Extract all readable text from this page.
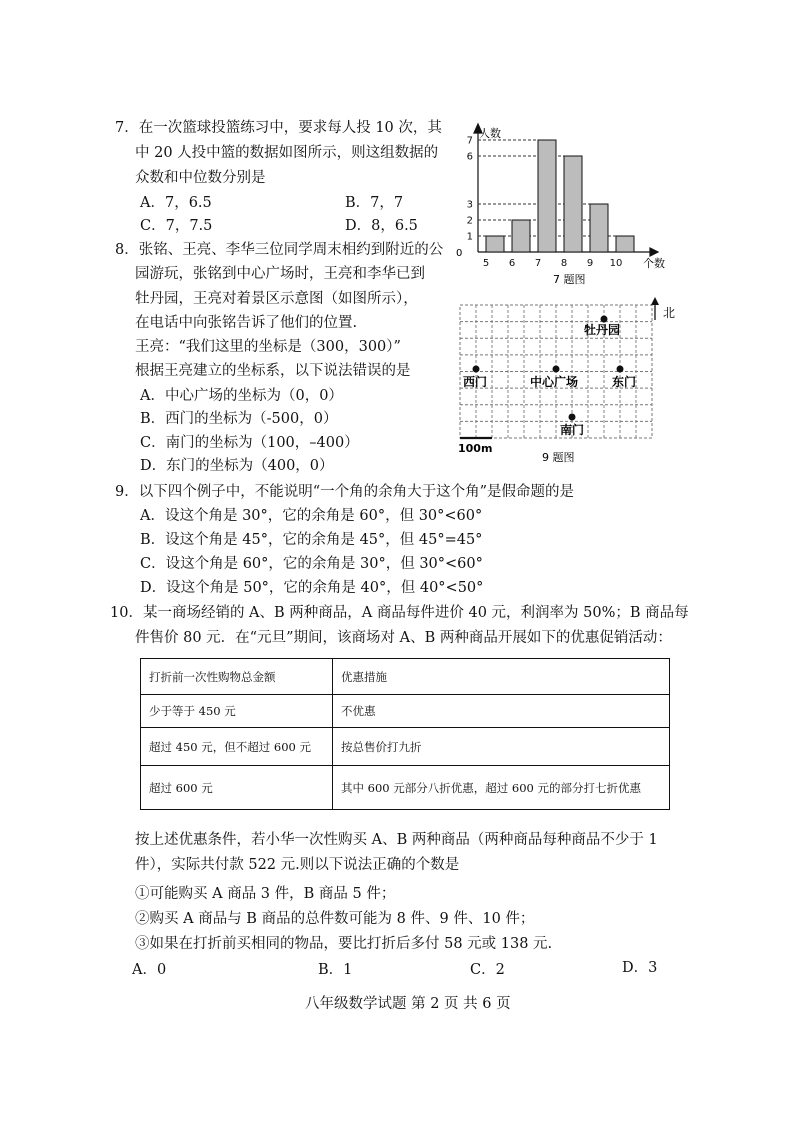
7．在一次篮球投篮练习中，要求每人投 10 次，其
中 20 人投中篮的数据如图所示，则这组数据的
众数和中位数分别是
A．7，6.5	B．7，7
C．7，7.5	D．8，6.5
8．张铭、王亮、李华三位同学周末相约到附近的公
园游玩，张铭到中心广场时，王亮和李华已到
牡丹园，王亮对着景区示意图（如图所示），
在电话中向张铭告诉了他们的位置.
王亮：“我们这里的坐标是（300，300）”
根据王亮建立的坐标系，以下说法错误的是
A．中心广场的坐标为（0，0）
B．西门的坐标为（-500，0）
C．南门的坐标为（100，–400）
D．东门的坐标为（400，0）
9．以下四个例子中，不能说明“一个角的余角大于这个角”是假命题的是
A．设这个角是 30°，它的余角是 60°，但 30°<60°
B．设这个角是 45°，它的余角是 45°，但 45°=45°
C．设这个角是 60°，它的余角是 30°，但 30°<60°
D．设这个角是 50°，它的余角是 40°，但 40°<50°
10．某一商场经销的 A、B 两种商品，A 商品每件进价 40 元，利润率为 50%；B 商品每
件售价 80 元．在“元旦”期间，该商场对 A、B 两种商品开展如下的优惠促销活动：
打折前一次性购物总金额	优惠措施
少于等于 450 元	不优惠
超过 450 元，但不超过 600 元	按总售价打九折
超过 600 元	其中 600 元部分八折优惠，超过 600 元的部分打七折优惠
按上述优惠条件，若小华一次性购买 A、B 两种商品（两种商品每种商品不少于 1
件），实际共付款 522 元.则以下说法正确的个数是
①可能购买 A 商品 3 件，B 商品 5 件；
②购买 A 商品与 B 商品的总件数可能为 8 件、9 件、10 件；
③如果在打折前买相同的物品，要比打折后多付 58 元或 138 元.
A．0	B．1	C．2	D．3
八年级数学试题 第 2 页 共 6 页
1
2
3
6
7
5 6 7 8 9 10
0
人数
个数
7 题图
北
牡丹园
西门	中心广场	东门
南门
100m
9 题图
